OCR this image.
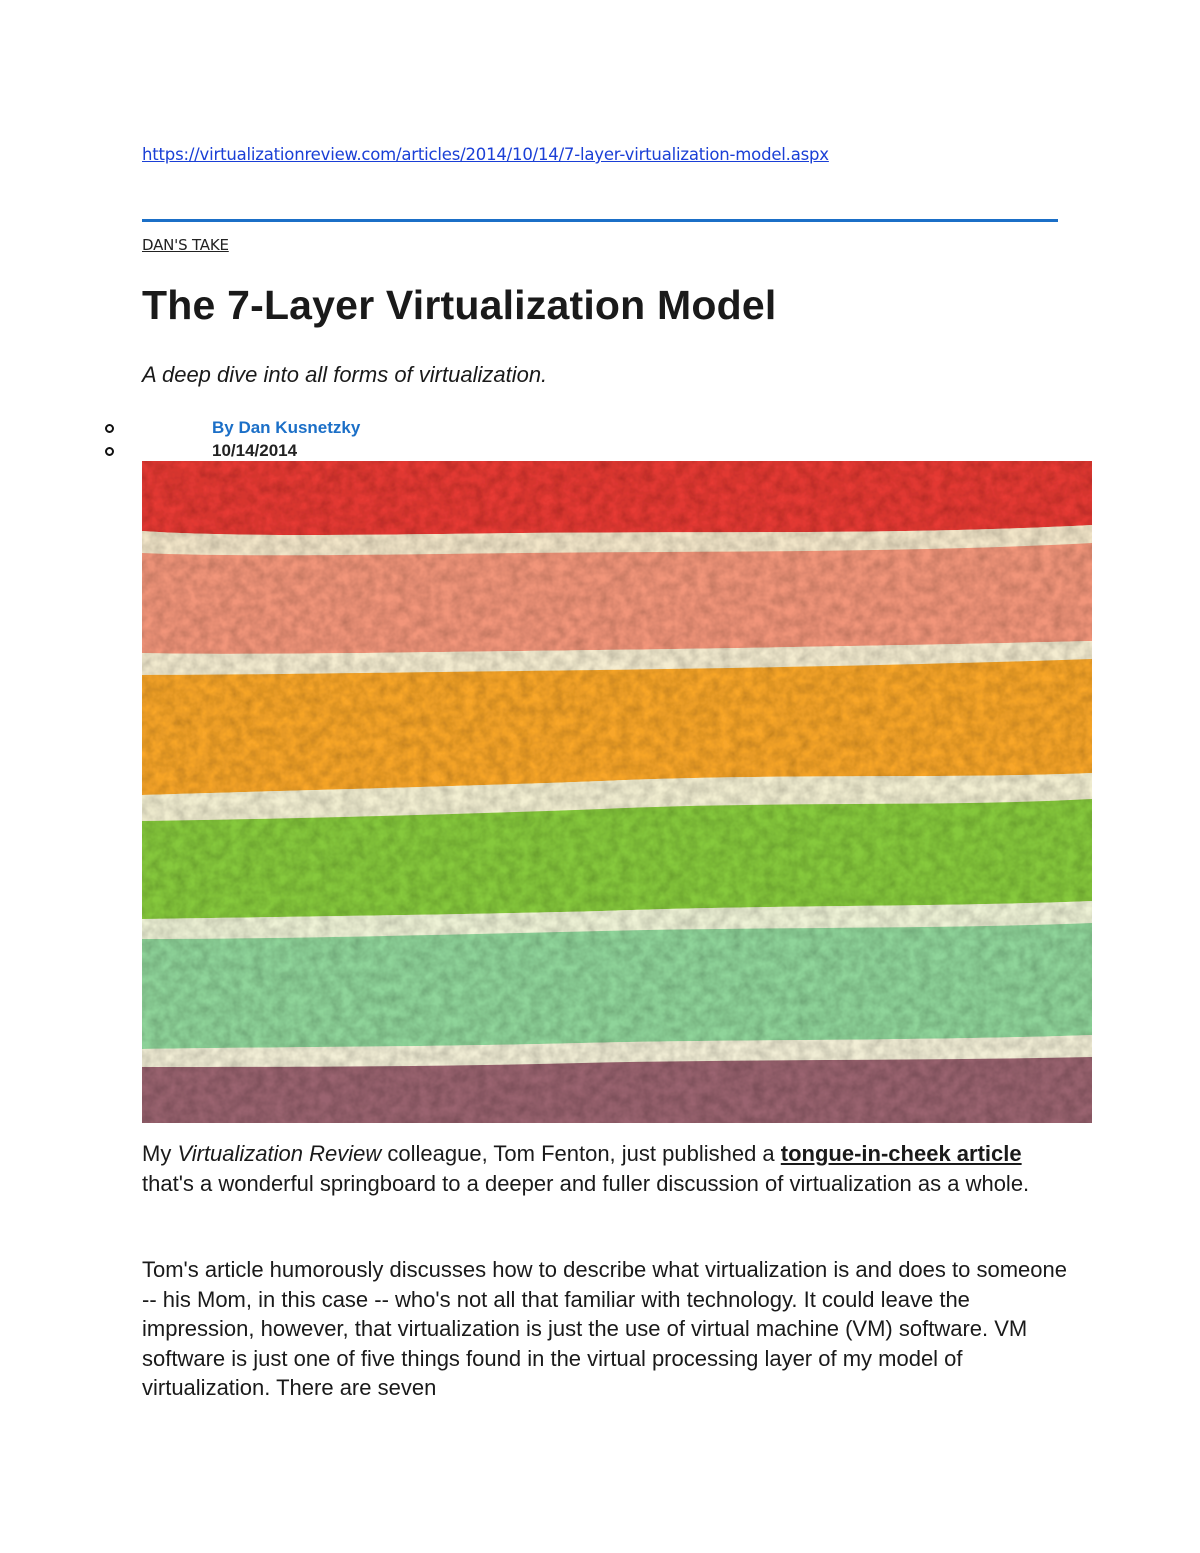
https://virtualizationreview.com/articles/2014/10/14/7-layer-virtualization-model.aspx
DAN'S TAKE
The 7-Layer Virtualization Model
A deep dive into all forms of virtualization.
By Dan Kusnetzky
10/14/2014

My Virtualization Review colleague, Tom Fenton, just published a tongue-in-cheek article that's a wonderful springboard to a deeper and fuller discussion of virtualization as a whole.

Tom's article humorously discusses how to describe what virtualization is and does to someone -- his Mom, in this case -- who's not all that familiar with technology. It could leave the impression, however, that virtualization is just the use of virtual machine (VM) software. VM software is just one of five things found in the virtual processing layer of my model of virtualization. There are seven
